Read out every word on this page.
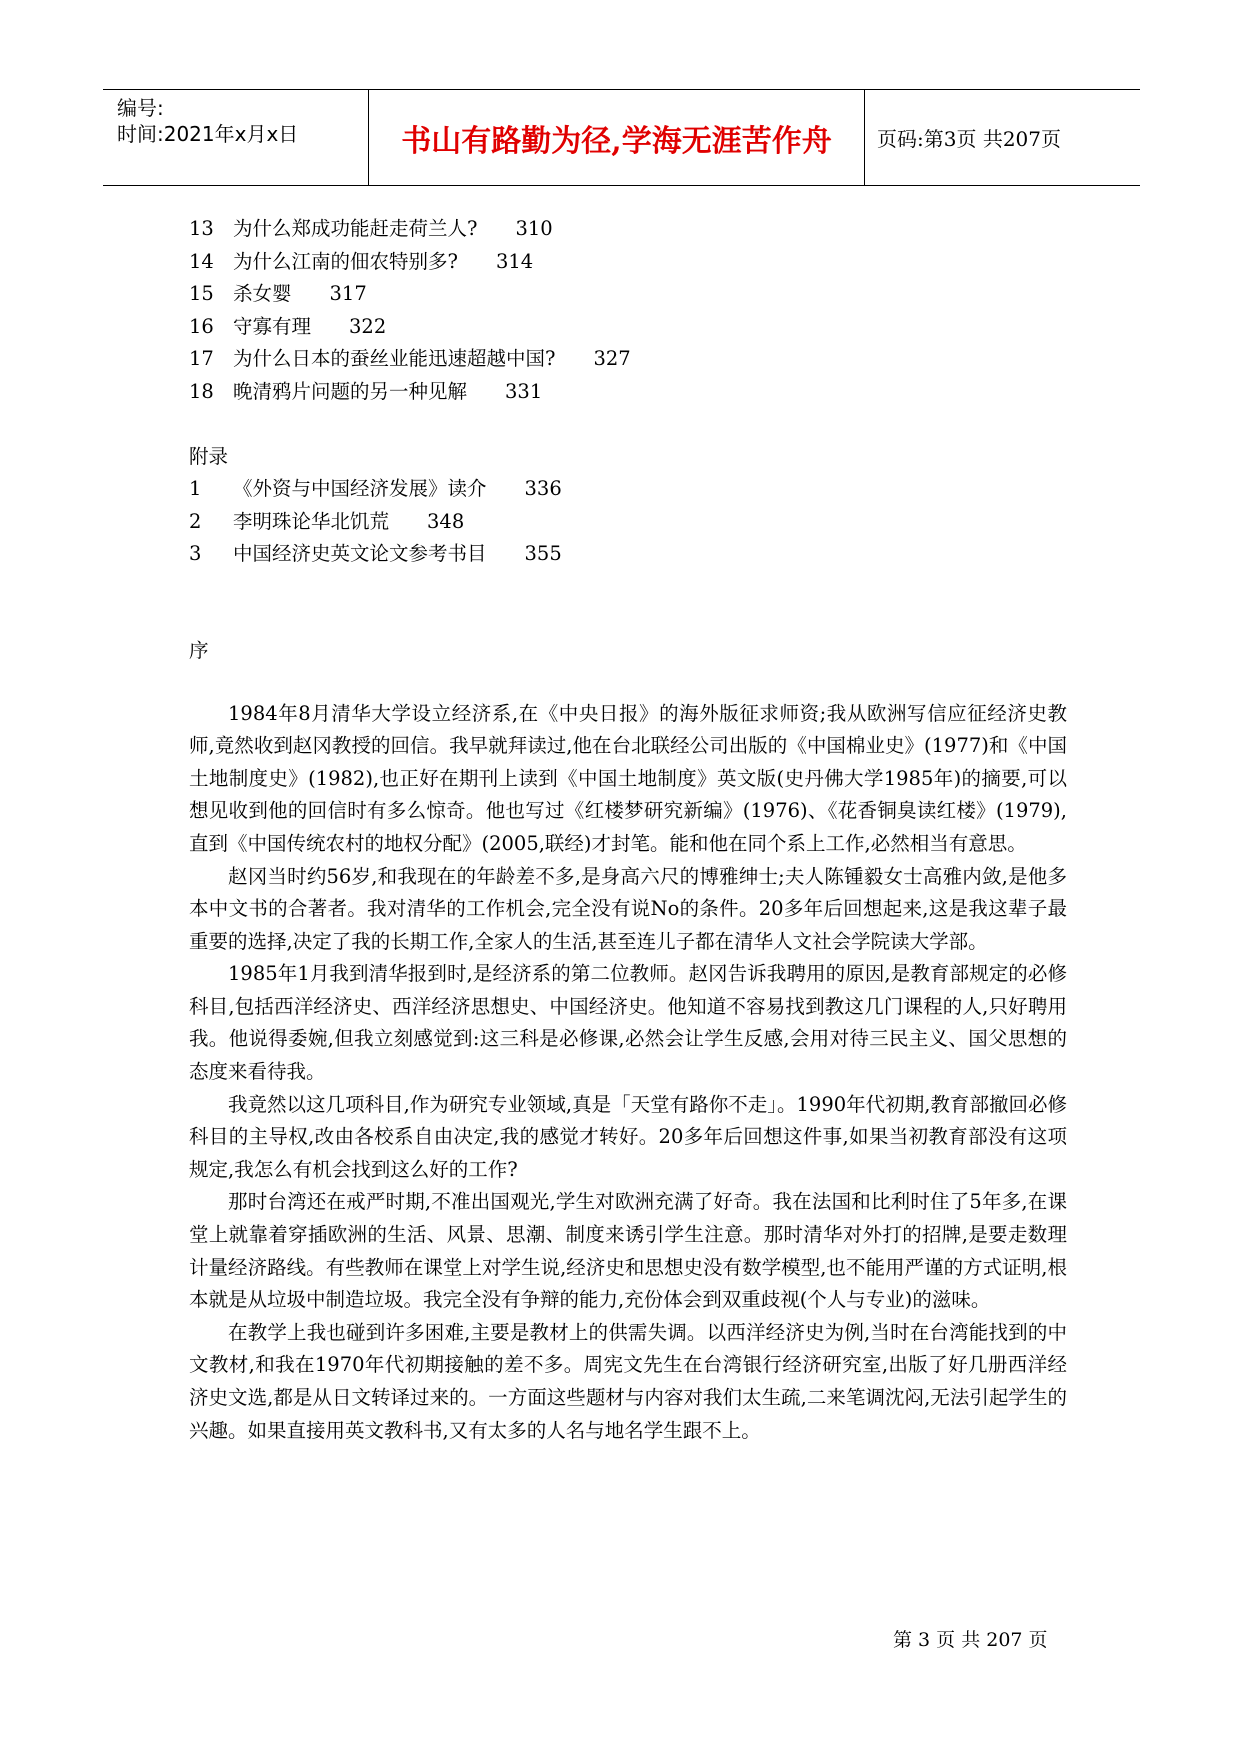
编号:
时间:2021年x月x日	书山有路勤为径,学海无涯苦作舟 页码:第3页 共207页
13 为什么郑成功能赶走荷兰人? 310
14 为什么江南的佃农特别多? 314
15 杀女婴 317
16 守寡有理 322
17 为什么日本的蚕丝业能迅速超越中国? 327
18 晚清鸦片问题的另一种见解 331
附录
1	《外资与中国经济发展》读介 336
2	李明珠论华北饥荒 348
3	中国经济史英文论文参考书目 355
序

1984年8月清华大学设立经济系,在《中央日报》的海外版征求师资;我从欧洲写信应征经济史教师,竟然收到赵冈教授的回信。我早就拜读过,他在台北联经公司出版的《中国棉业史》(1977)和《中国土地制度史》(1982),也正好在期刊上读到《中国土地制度》英文版(史丹佛大学1985年)的摘要,可以想见收到他的回信时有多么惊奇。他也写过《红楼梦研究新编》(1976)、《花香铜臭读红楼》(1979),直到《中国传统农村的地权分配》(2005,联经)才封笔。能和他在同个系上工作,必然相当有意思。

赵冈当时约56岁,和我现在的年龄差不多,是身高六尺的博雅绅士;夫人陈锺毅女士高雅内敛,是他多本中文书的合著者。我对清华的工作机会,完全没有说No的条件。20多年后回想起来,这是我这辈子最重要的选择,决定了我的长期工作,全家人的生活,甚至连儿子都在清华人文社会学院读大学部。

1985年1月我到清华报到时,是经济系的第二位教师。赵冈告诉我聘用的原因,是教育部规定的必修科目,包括西洋经济史、西洋经济思想史、中国经济史。他知道不容易找到教这几门课程的人,只好聘用我。他说得委婉,但我立刻感觉到:这三科是必修课,必然会让学生反感,会用对待三民主义、国父思想的态度来看待我。

我竟然以这几项科目,作为研究专业领域,真是「天堂有路你不走」。1990年代初期,教育部撤回必修科目的主导权,改由各校系自由决定,我的感觉才转好。20多年后回想这件事,如果当初教育部没有这项规定,我怎么有机会找到这么好的工作?

那时台湾还在戒严时期,不准出国观光,学生对欧洲充满了好奇。我在法国和比利时住了5年多,在课堂上就靠着穿插欧洲的生活、风景、思潮、制度来诱引学生注意。那时清华对外打的招牌,是要走数理计量经济路线。有些教师在课堂上对学生说,经济史和思想史没有数学模型,也不能用严谨的方式证明,根本就是从垃圾中制造垃圾。我完全没有争辩的能力,充份体会到双重歧视(个人与专业)的滋味。

在教学上我也碰到许多困难,主要是教材上的供需失调。以西洋经济史为例,当时在台湾能找到的中文教材,和我在1970年代初期接触的差不多。周宪文先生在台湾银行经济研究室,出版了好几册西洋经济史文选,都是从日文转译过来的。一方面这些题材与内容对我们太生疏,二来笔调沈闷,无法引起学生的兴趣。如果直接用英文教科书,又有太多的人名与地名学生跟不上。

第 3 页 共 207 页
